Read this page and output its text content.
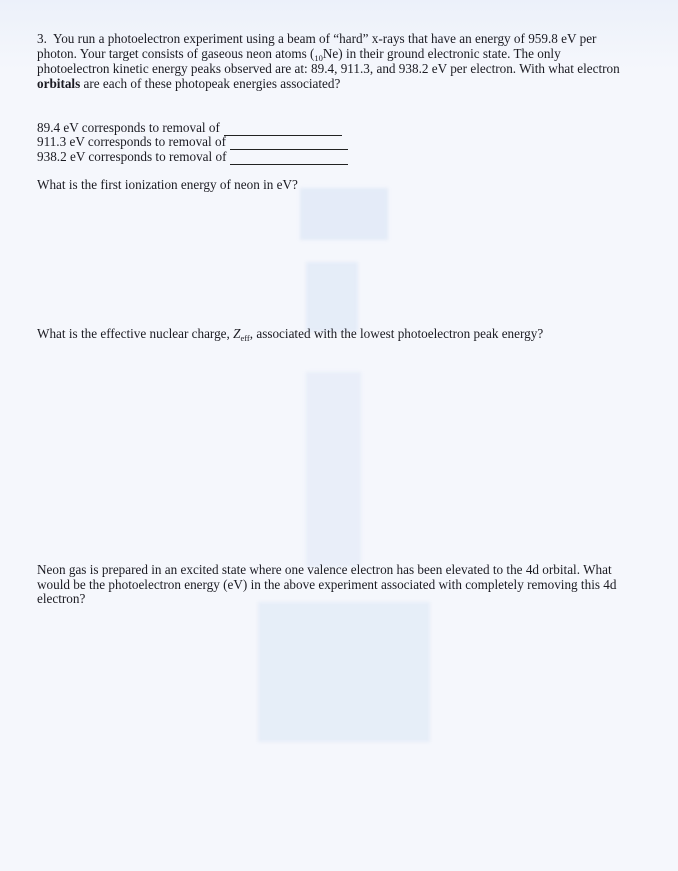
3. You run a photoelectron experiment using a beam of “hard” x-rays that have an energy of 959.8 eV per photon. Your target consists of gaseous neon atoms $(_{10}Ne)$ in their ground electronic state. The only photoelectron kinetic energy peaks observed are at: 89.4, 911.3, and 938.2 eV per electron. With what electron orbitals are each of these photopeak energies associated?

89.4 eV corresponds to removal of
911.3 eV corresponds to removal of
938.2 eV corresponds to removal of
What is the first ionization energy of neon in eV?
What is the effective nuclear charge, $Z_{eff}$, associated with the lowest photoelectron peak energy?
Neon gas is prepared in an excited state where one valence electron has been elevated to the 4d orbital. What would be the photoelectron energy (eV) in the above experiment associated with completely removing this 4d electron?
